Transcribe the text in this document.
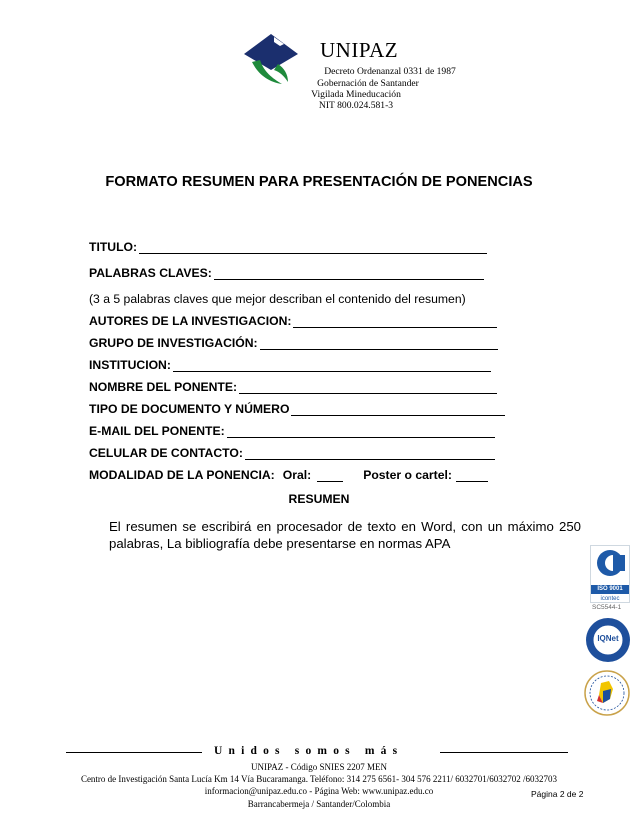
UNIPAZ
Decreto Ordenanzal 0331 de 1987
Gobernación de Santander
Vigilada Mineducación
NIT 800.024.581-3
FORMATO RESUMEN PARA PRESENTACIÓN DE PONENCIAS
TITULO:
PALABRAS CLAVES:
(3 a 5 palabras claves que mejor describan el contenido del resumen)
AUTORES DE LA INVESTIGACION:
GRUPO DE INVESTIGACIÓN:
INSTITUCION:
NOMBRE DEL PONENTE:
TIPO DE DOCUMENTO Y NÚMERO
E-MAIL DEL PONENTE:
CELULAR DE CONTACTO:
MODALIDAD DE LA PONENCIA: Oral:	Poster o cartel:
RESUMEN
El resumen se escribirá en procesador de texto en Word, con un máximo 250 palabras, La bibliografía debe presentarse en normas APA
ISO 9001
icontec
SC5544-1
IQNet
Unidos somos más
UNIPAZ - Código SNIES 2207 MEN
Centro de Investigación Santa Lucía Km 14 Vía Bucaramanga. Teléfono: 314 275 6561- 304 576 2211/ 6032701/6032702 /6032703
informacion@unipaz.edu.co - Página Web: www.unipaz.edu.co
Barrancabermeja / Santander/Colombia
Página 2 de 2
